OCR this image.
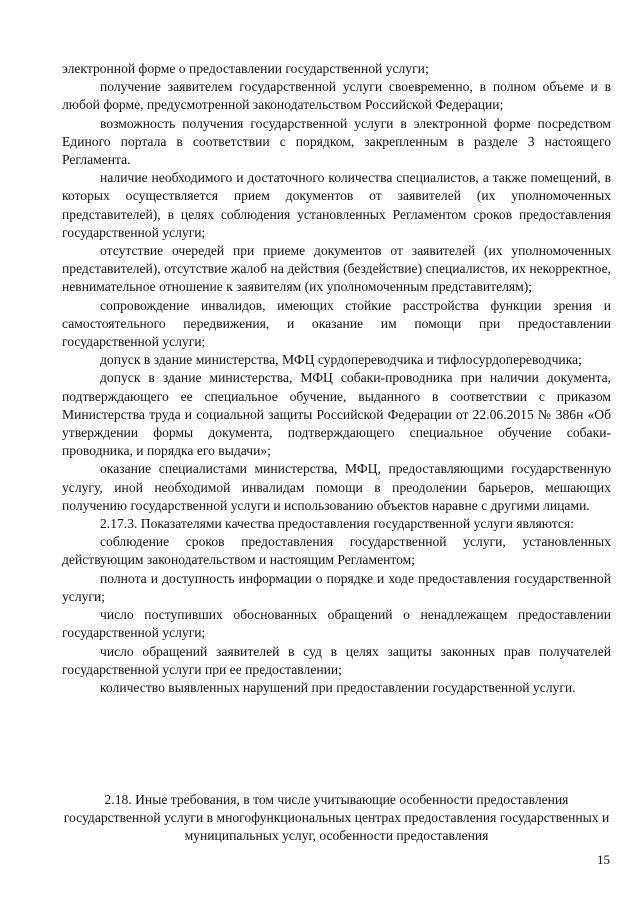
электронной форме о предоставлении государственной услуги;

получение заявителем государственной услуги своевременно, в полном объеме и в любой форме, предусмотренной законодательством Российской Федерации;

возможность получения государственной услуги в электронной форме посредством Единого портала в соответствии с порядком, закрепленным в разделе 3 настоящего Регламента.

наличие необходимого и достаточного количества специалистов, а также помещений, в которых осуществляется прием документов от заявителей (их уполномоченных представителей), в целях соблюдения установленных Регламентом сроков предоставления государственной услуги;

отсутствие очередей при приеме документов от заявителей (их уполномоченных представителей), отсутствие жалоб на действия (бездействие) специалистов, их некорректное, невнимательное отношение к заявителям (их уполномоченным представителям);

сопровождение инвалидов, имеющих стойкие расстройства функции зрения и самостоятельного передвижения, и оказание им помощи при предоставлении государственной услуги;

допуск в здание министерства, МФЦ сурдопереводчика и тифлосурдопереводчика;

допуск в здание министерства, МФЦ собаки-проводника при наличии документа, подтверждающего ее специальное обучение, выданного в соответствии с приказом Министерства труда и социальной защиты Российской Федерации от 22.06.2015 № 386н «Об утверждении формы документа, подтверждающего специальное обучение собаки-проводника, и порядка его выдачи»;

оказание специалистами министерства, МФЦ, предоставляющими государственную услугу, иной необходимой инвалидам помощи в преодолении барьеров, мешающих получению государственной услуги и использованию объектов наравне с другими лицами.

2.17.3. Показателями качества предоставления государственной услуги являются:

соблюдение сроков предоставления государственной услуги, установленных действующим законодательством и настоящим Регламентом;

полнота и доступность информации о порядке и ходе предоставления государственной услуги;

число поступивших обоснованных обращений о ненадлежащем предоставлении государственной услуги;

число обращений заявителей в суд в целях защиты законных прав получателей государственной услуги при ее предоставлении;

количество выявленных нарушений при предоставлении государственной услуги.

2.18. Иные требования, в том числе учитывающие особенности предоставления государственной услуги в многофункциональных центрах предоставления государственных и муниципальных услуг, особенности предоставления
15
